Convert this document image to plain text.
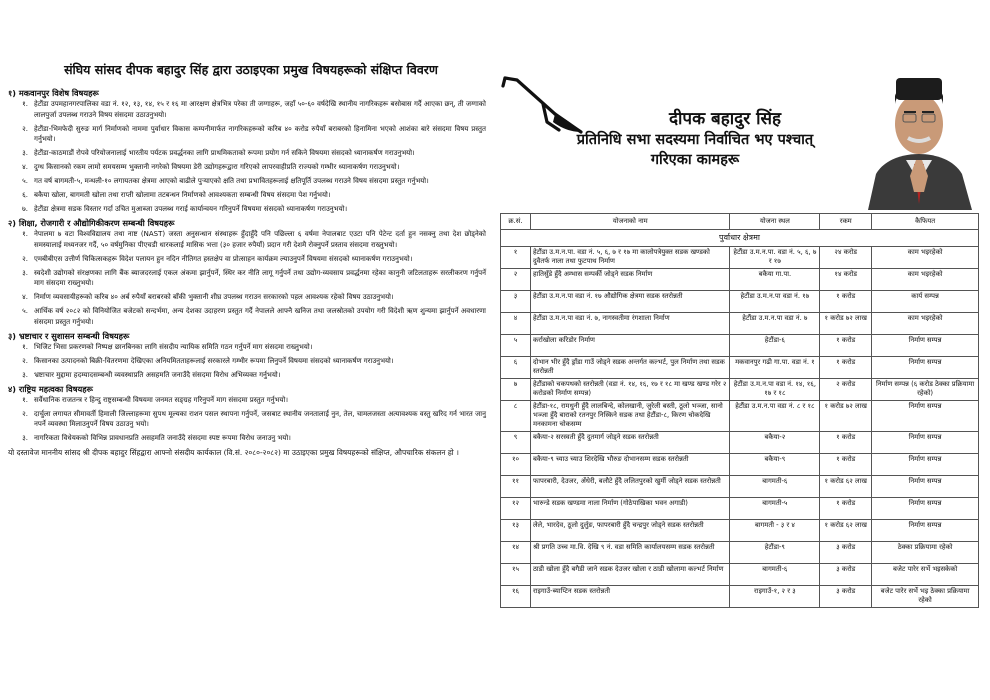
संघिय सांसद दीपक बहादुर सिंह द्वारा उठाइएका प्रमुख विषयहरूको संक्षिप्त विवरण
१) मकवानपुर विशेष विषयहरू
१. हेटौंडा उपमहानगरपालिका वडा नं. १२, १३, १४, १५ र १६ मा आरक्षण क्षेत्रभित्र परेका ती जग्गाहरू, जहाँ ५०-६० वर्षदेखि स्थानीय नागरिकहरू बसोबास गर्दै आएका छन्, ती जग्गाको लालपुर्जा उपलब्ध गराउने विषय संसदमा उठाउनुभयो।
२. हेटौंडा-भिमफेदी सुरुङ मार्ग निर्माणको नाममा पुर्वाधार विकास कम्पनीमार्फत नागरिकहरूको करिब ४० करोड रुपैयाँ बराबरको हिनामिना भएको आशंका बारे संसदमा विषय प्रस्तुत गर्नुभयो।
३. हेटौंडा-काठमाडौं रोपवे परियोजनालाई भारतीय पर्यटक प्रवर्द्धनका लागि प्राथमिकताको रूपमा प्रयोग गर्न सकिने विषयमा संसदको ध्यानाकर्षण गराउनुभयो।
४. दुग्ध किसानको रकम लामो समयसम्म भुक्तानी नगरेको विषयमा डेरी उद्योगहरूद्वारा गरिएको लापरवाहीप्रति राज्यको गम्भीर ध्यानाकर्षण गराउनुभयो।
५. गत वर्ष बागमती-५, मन्थली-१० लगायतका क्षेत्रमा आएको बाढीले पुऱ्याएको क्षति तथा प्रभावितहरूलाई क्षतिपूर्ति उपलब्ध गराउने विषय संसदमा प्रस्तुत गर्नुभयो।
६. बकैया खोला, बागमती खोला तथा राप्ती खोलामा तटबन्धन निर्माणको आवश्यकता सम्बन्धी विषय संसदमा पेश गर्नुभयो।
७. हेटौंडा क्षेत्रमा सडक विस्तार गर्दा उचित मुआब्जा उपलब्ध गराई कार्यान्वयन गरिनुपर्ने विषयमा संसदको ध्यानाकर्षण गराउनुभयो।
२) शिक्षा, रोजगारी र औद्योगिकीकरण सम्बन्धी विषयहरू
१. नेपालमा ७ वटा विश्वविद्यालय तथा नाष्ट (NAST) जस्ता अनुसन्धान संस्थाहरू हुँदाहुँदै पनि पछिल्ला ६ वर्षमा नेपालबाट एउटा पनि पेटेन्ट दर्ता हुन नसक्नु तथा देश छोड्नेको समस्यालाई मध्यनजर गर्दै, ५० वर्षमुनिका पीएचडी धारकलाई मासिक भत्ता (३० हजार रुपैयाँ) प्रदान गरी देशमै रोक्नुपर्ने प्रस्ताव संसदमा राख्नुभयो।
२. एमबीबीएस उत्तीर्ण चिकित्सकहरू विदेश पलायन हुन नदिन नीतिगत हस्तक्षेप वा प्रोत्साहन कार्यक्रम ल्याउनुपर्ने विषयमा संसदको ध्यानाकर्षण गराउनुभयो।
३. स्वदेशी उद्योगको संरक्षणका लागि बैंक ब्याजदरलाई एकल अंकमा झार्नुपर्ने, स्थिर कर नीति लागू गर्नुपर्ने तथा उद्योग-व्यवसाय प्रवर्द्धनमा रहेका कानुनी जटिलताहरू सरलीकरण गर्नुपर्ने माग संसदमा राख्नुभयो।
४. निर्माण व्यवसायीहरूको करिब ४० अर्ब रुपैयाँ बराबरको बाँकी भुक्तानी शीघ्र उपलब्ध गराउन सरकारको पहल आवश्यक रहेको विषय उठाउनुभयो।
५. आर्थिक वर्ष २०८२ को विनियोजित बजेटको सन्दर्भमा, अन्य देशका उदाहरण प्रस्तुत गर्दै नेपालले आफ्नै खनिज तथा जलस्रोतको उपयोग गरी विदेशी ऋण शुन्यमा झार्नुपर्ने अवधारणा संसदमा प्रस्तुत गर्नुभयो।
३) भ्रष्टाचार र सुशासन सम्बन्धी विषयहरू
१. भिजिट भिसा प्रकरणको निष्पक्ष छानबिनका लागि संसदीय न्यायिक समिति गठन गर्नुपर्ने माग संसदमा राख्नुभयो।
२. किसानका उत्पादनको बिक्री-वितरणमा देखिएका अनियमितताहरूलाई सरकारले गम्भीर रूपमा लिनुपर्ने विषयमा संसदको ध्यानाकर्षण गराउनुभयो।
३. भ्रष्टाचार मुद्दामा हदम्यादसम्बन्धी व्यवस्थाप्रति असहमति जनाउँदै संसदमा विरोध अभिव्यक्त गर्नुभयो।
४) राष्ट्रिय महत्वका विषयहरू
१. सर्वैधानिक राजतन्त्र र हिन्दु राष्ट्रसम्बन्धी विषयमा जनमत सङ्ग्रह गरिनुपर्ने माग संसदमा प्रस्तुत गर्नुभयो।
२. दार्चुला लगायत सीमावर्ती हिमाली जिल्लाहरूमा सुपथ मूल्यका राशन पसल स्थापना गर्नुपर्ने, जसबाट स्थानीय जनतालाई नुन, तेल, चामलजस्ता अत्यावश्यक वस्तु खरिद गर्न भारत जानु नपर्ने व्यवस्था मिलाउनुपर्ने विषय उठाउनु भयो।
३. नागरिकता विधेयकको विभिन्न प्रावधानप्रति असहमति जनाउँदै संसदमा स्पष्ट रूपमा विरोध जनाउनु भयो।
यो दस्तावेज माननीय सांसद श्री दीपक बहादुर सिंहद्वारा आफ्नो संसदीय कार्यकाल (वि.सं. २०८०-२०८२) मा उठाइएका प्रमुख विषयहरूको संक्षिप्त, औपचारिक संकलन हो ।
दीपक बहादुर सिंह
प्रतिनिधि सभा सदस्यमा निर्वाचित भए पश्चात्
गरिएका कामहरू
क्र.सं.	योजनाको नाम	योजना स्थल	रकम	कैफियत
पुर्वाधार क्षेत्रमा				
१	हेटौंडा उ.म.न.पा. वडा नं. ५, ६, ७ र १७ मा कालोपत्रेयुक्त सडक खण्डको दुवैतर्फ नाला तथा फुटपाथ निर्माण	हेटौंडा उ.म.न.पा. वडा नं. ५, ६, ७ र १७	२४ करोड	काम भइरहेको
२	हातिसुँडे हुँदै अम्भास सम्पर्की जोड्ने सडक निर्माण	बकैया गा.पा.	१४ करोड	काम भइरहेको
३	हेटौंडा उ.म.न.पा वडा नं. १७ औद्योगिक क्षेत्रमा सडक स्तरोन्नती	हेटौंडा उ.म.न.पा वडा नं. १७	१ करोड	कार्य सम्पन्न
४	हेटौंडा उ.म.न.पा वडा नं. ७, नागस्वतीमा रंगशाला निर्माण	हेटौंडा उ.म.न.पा वडा नं. ७	१ करोड ७२ लाख	काम भइरहेको
५	कर्राखोला करिडोर निर्माण	हेटौंडा-६	१ करोड	निर्माण सम्पन्न
६	दोभान भीर हुँदै ड्राँडा गाउँ जोड्ने सडक अन्तर्गत कल्भर्ट, पुल निर्माण तथा सडक स्तरोन्नती	मकवानपुर गढी गा.पा. वडा नं. १	१ करोड	निर्माण सम्पन्न
७	हेटौंडाको चकपथको स्तरोन्नती (वडा नं. १४, १६, १७ र १८ मा खण्ड खण्ड गरेर २ करोडको निर्माण सम्पन्न)	हेटौंडा उ.म.न.पा वडा नं. १४, १६, १७ र १८	२ करोड	निर्माण सम्पन्न (६ करोड ठेक्का प्रक्रियामा रहेको)
८	हेटौंडा-१८, रामधुनी हुँदै लालबिन्दे, कोलखानी, जुरेली बस्ती, ठूलो भञ्जा, सानो भञ्जा हुँदै बाराको रतनपुर निस्किने सडक तथा हेटौंडा-८, किरण चोकदेखि मनकामना चोकसम्म	हेटौंडा उ.म.न.पा वडा नं. ८ र १८	१ करोड ७२ लाख	निर्माण सम्पन्न
९	बकैया-२ सरस्वती हुँदै दुतमार्ग जोड्ने सडक स्तरोन्नती	बकैया-२	१ करोड	निर्माण सम्पन्न
१०	बकैया-९ च्याउ च्याउ शिरदेखि भौरुङ दोभानसम्म सडक स्तरोन्नती	बकैया-९	१ करोड	निर्माण सम्पन्न
११	फापरबारी, देउजर, अँधेरी, बलौटे हुँदै ललितपुरको खुर्मी जोड्ने सडक स्तरोन्नती	बागमती-६	१ करोड ६२ लाख	निर्माण सम्पन्न
१२	भारुन्डे सडक खण्डमा नाला निर्माण (गोठेपाखिका भवन अगाडी)	बागमती-५	१ करोड	निर्माण सम्पन्न
१३	लेले, भारदेव, ठूलो दुर्लुङ, फापरबारी हुँदै चन्द्रपुर जोड्ने सडक स्तरोन्नती	बागमती - ३ र ४	१ करोड ६२ लाख	निर्माण सम्पन्न
१४	श्री प्रगति उच्च मा.वि. देखि ९ नं. वडा समिति कार्यालयसम्म सडक स्तरोन्नती	हेटौंडा-९	३ करोड	ठेक्का प्रक्रियामा रहेको
१५	ठाडी खोला हुँदै बगैडी जाने सडक देउजर खोला र ठाडी खोलामा कल्भर्ट निर्माण	बागमती-६	३ करोड	बजेट पारेर सर्भे भइसकेको
१६	राइगाउँ-ब्याप्टिन सडक स्तरोन्नती	राइगाउँ-१, २ र ३	३ करोड	बजेट पारेर सर्भे भइ ठेक्का प्रक्रियामा रहेको
